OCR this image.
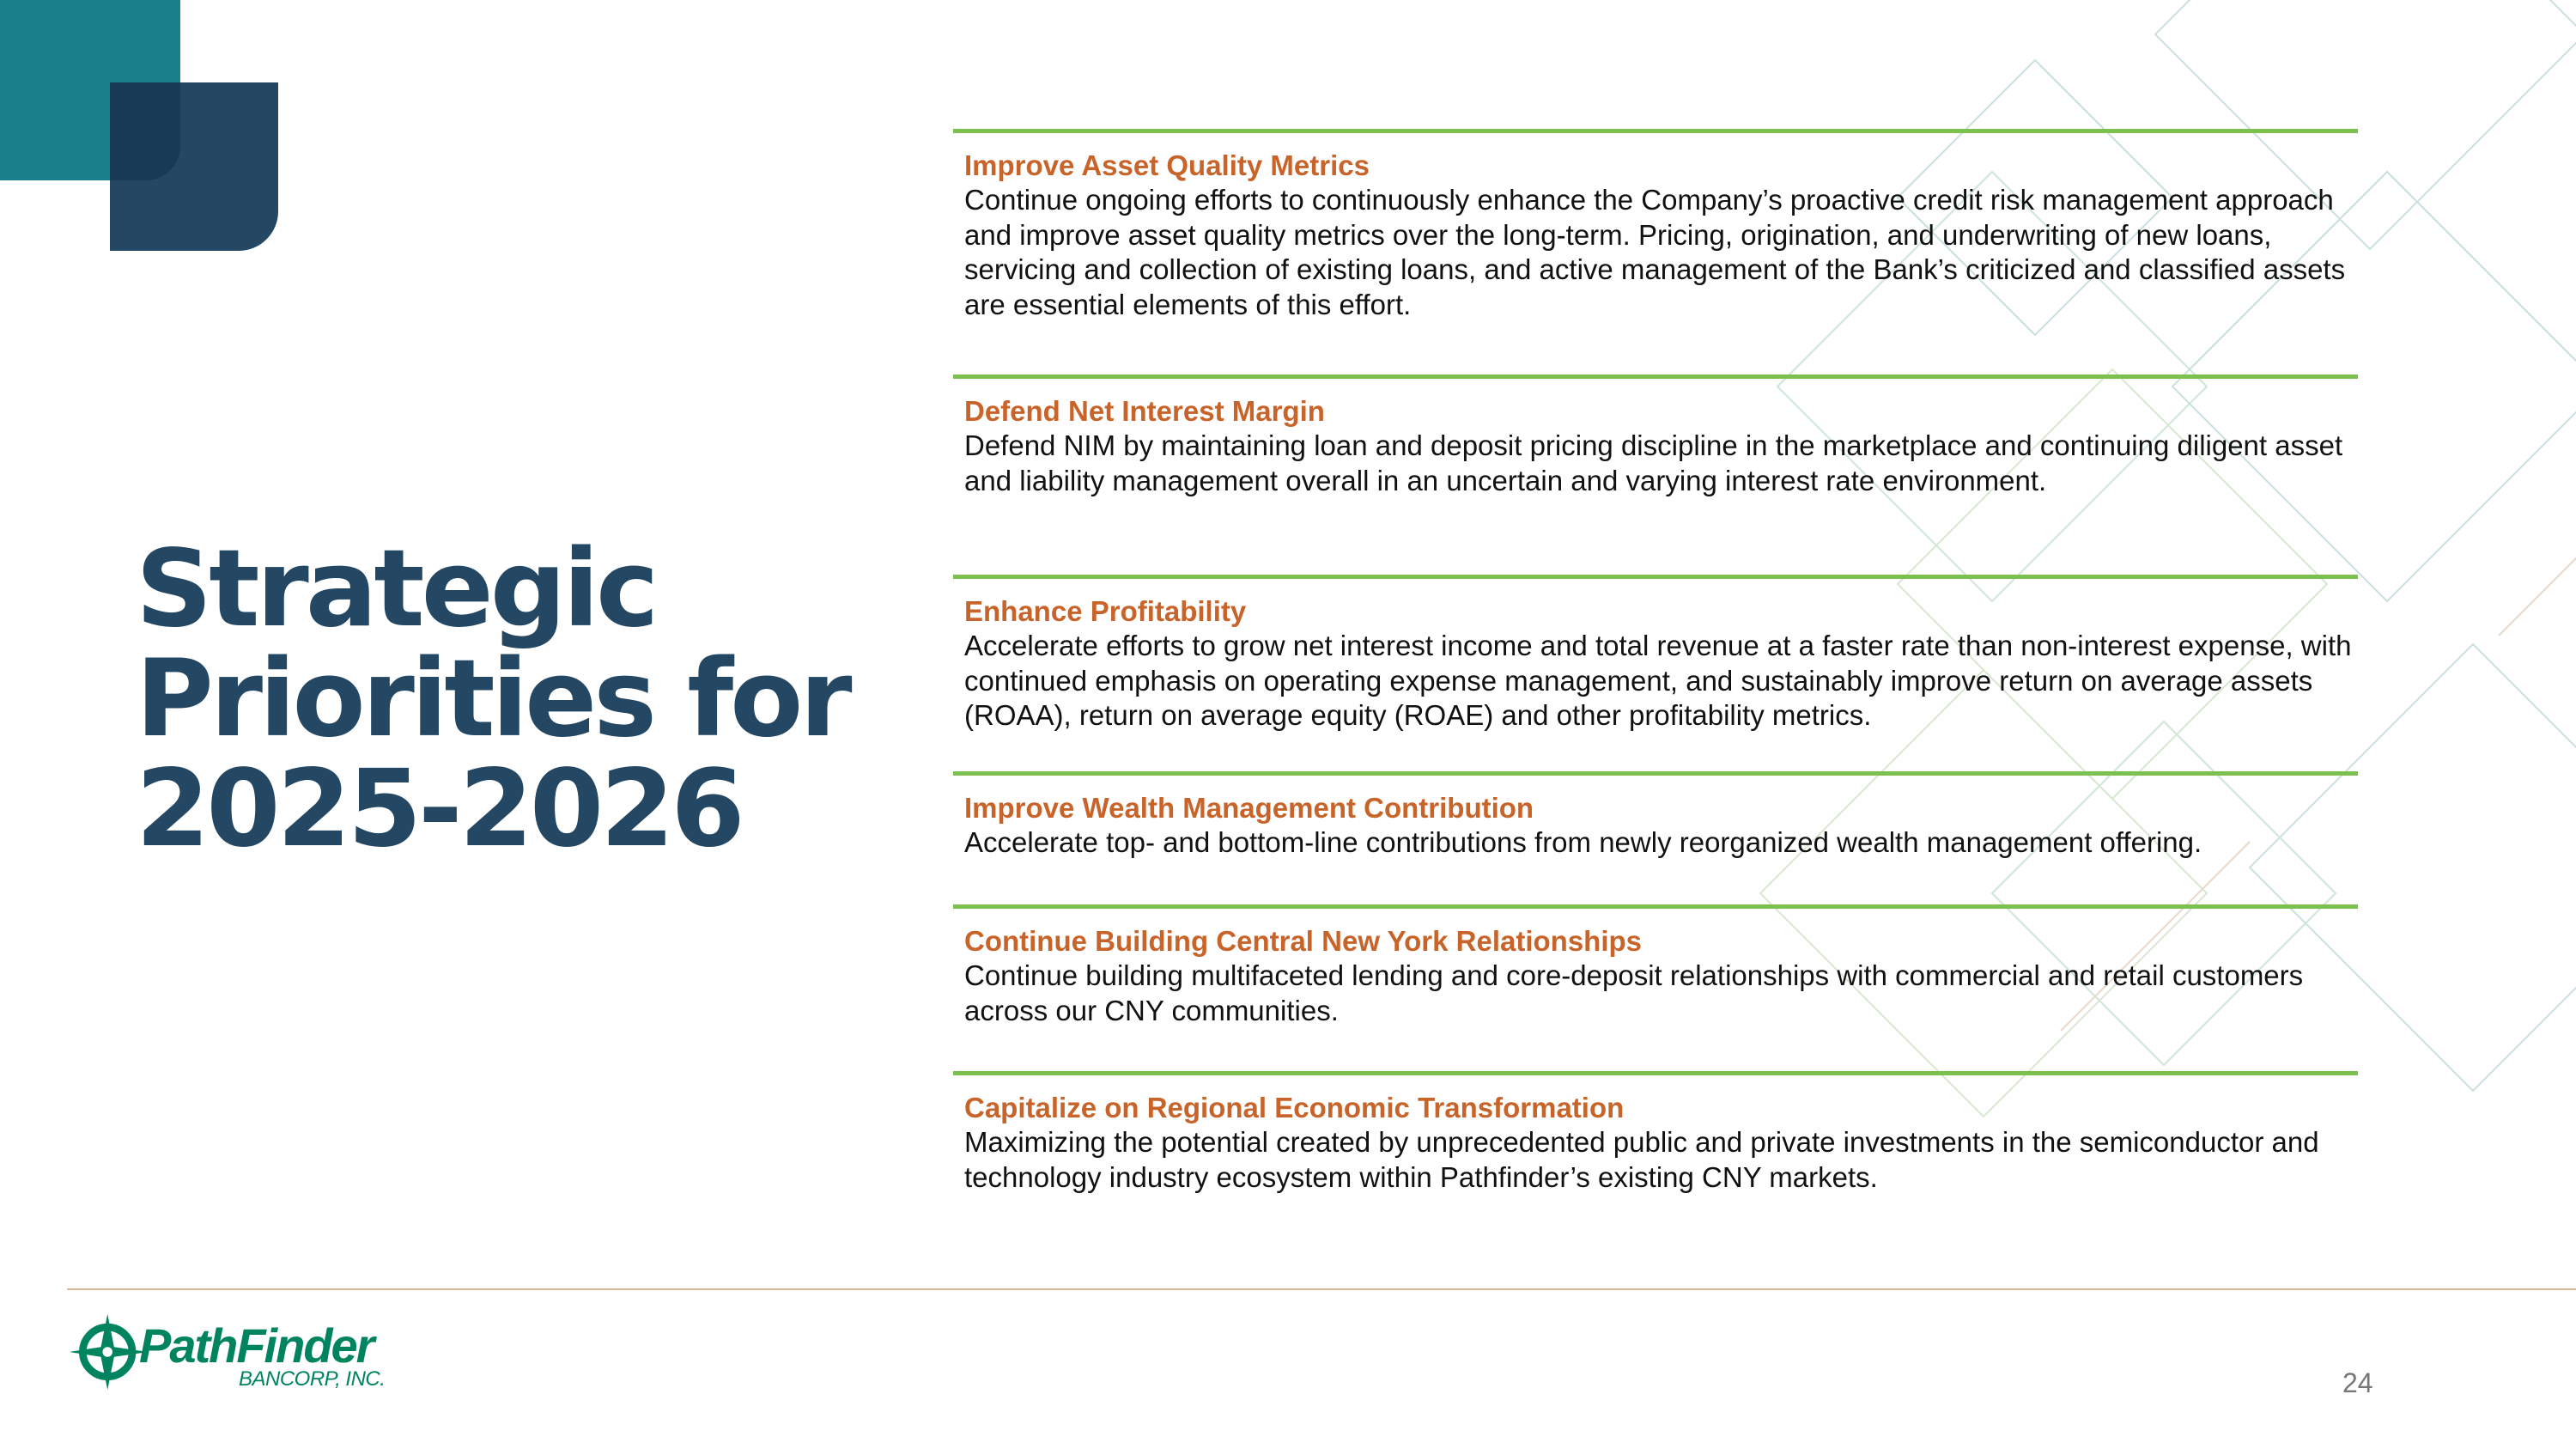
Strategic
Priorities for
2025-2026
Improve Asset Quality Metrics
Continue ongoing efforts to continuously enhance the Company’s proactive credit risk management approach and improve asset quality metrics over the long-term. Pricing, origination, and underwriting of new loans, servicing and collection of existing loans, and active management of the Bank’s criticized and classified assets are essential elements of this effort.
Defend Net Interest Margin
Defend NIM by maintaining loan and deposit pricing discipline in the marketplace and continuing diligent asset and liability management overall in an uncertain and varying interest rate environment.
Enhance Profitability
Accelerate efforts to grow net interest income and total revenue at a faster rate than non-interest expense, with continued emphasis on operating expense management, and sustainably improve return on average assets (ROAA), return on average equity (ROAE) and other profitability metrics.
Improve Wealth Management Contribution
Accelerate top- and bottom-line contributions from newly reorganized wealth management offering.
Continue Building Central New York Relationships
Continue building multifaceted lending and core-deposit relationships with commercial and retail customers across our CNY communities.
Capitalize on Regional Economic Transformation
Maximizing the potential created by unprecedented public and private investments in the semiconductor and technology industry ecosystem within Pathfinder’s existing CNY markets.
PathFinder
BANCORP, INC.	24
